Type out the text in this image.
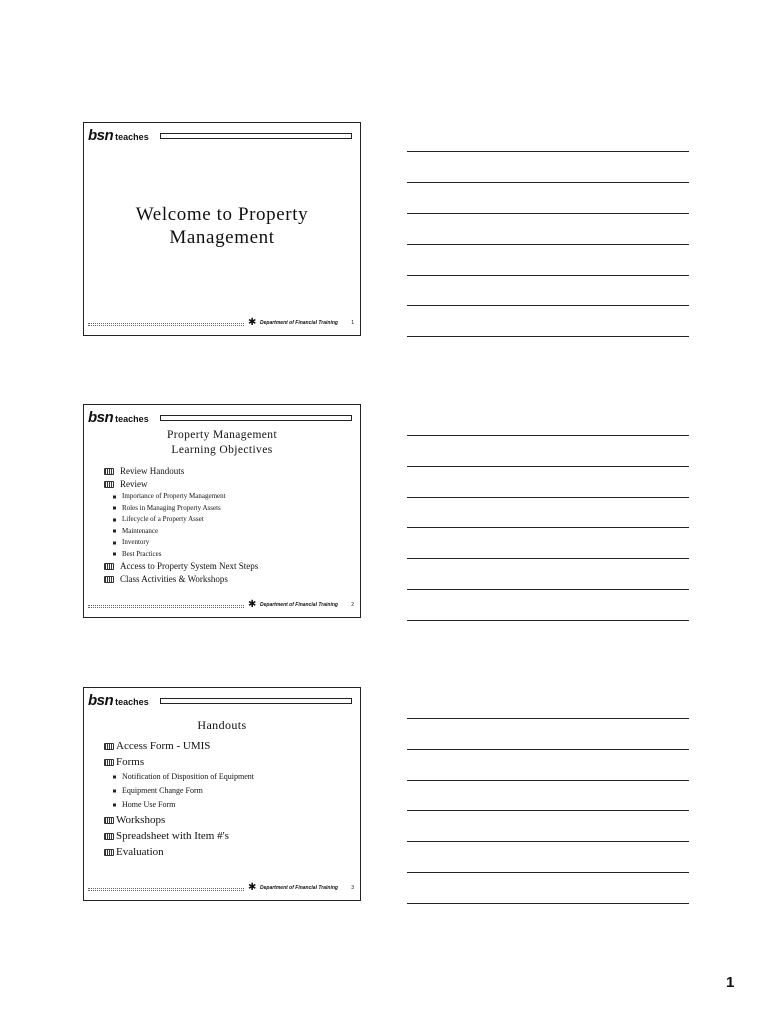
bsn teaches
Welcome to Property
Management
✱ Department of Financial Training	1
bsn teaches
Property Management
Learning Objectives
Review Handouts
Review
Importance of Property Management
Roles in Managing Property Assets
Lifecycle of a Property Asset
Maintenance
Inventory
Best Practices
Access to Property System Next Steps
Class Activities & Workshops
✱ Department of Financial Training	2
bsn teaches
Handouts
Access Form - UMIS
Forms
Notification of Disposition of Equipment
Equipment Change Form
Home Use Form
Workshops
Spreadsheet with Item #'s
Evaluation
✱ Department of Financial Training	3
1
